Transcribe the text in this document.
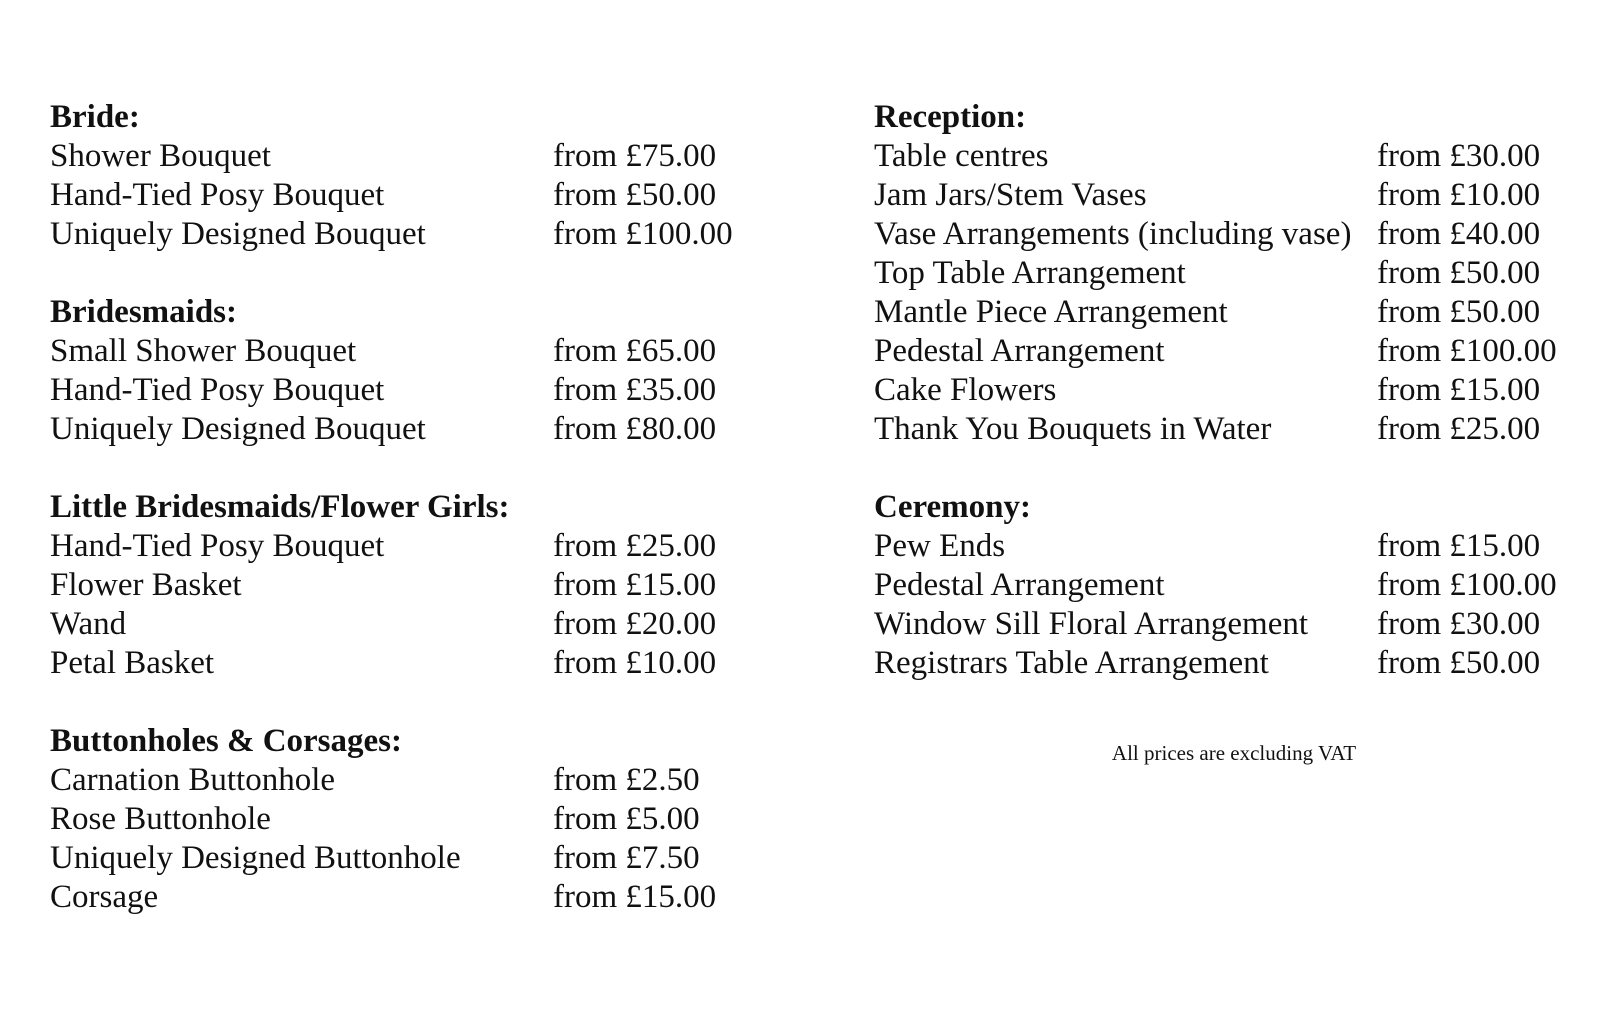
Bride:
Shower Bouquet	from £75.00
Hand-Tied Posy Bouquet	from £50.00
Uniquely Designed Bouquet	from £100.00
Bridesmaids:
Small Shower Bouquet	from £65.00
Hand-Tied Posy Bouquet	from £35.00
Uniquely Designed Bouquet	from £80.00
Little Bridesmaids/Flower Girls:
Hand-Tied Posy Bouquet	from £25.00
Flower Basket	from £15.00
Wand	from £20.00
Petal Basket	from £10.00
Buttonholes & Corsages:
Carnation Buttonhole	from £2.50
Rose Buttonhole	from £5.00
Uniquely Designed Buttonhole	from £7.50
Corsage	from £15.00
Reception:
Table centres	from £30.00
Jam Jars/Stem Vases	from £10.00
Vase Arrangements (including vase) from £40.00
Top Table Arrangement	from £50.00
Mantle Piece Arrangement	from £50.00
Pedestal Arrangement	from £100.00
Cake Flowers	from £15.00
Thank You Bouquets in Water	from £25.00
Ceremony:
Pew Ends	from £15.00
Pedestal Arrangement	from £100.00
Window Sill Floral Arrangement	from £30.00
Registrars Table Arrangement	from £50.00
All prices are excluding VAT
